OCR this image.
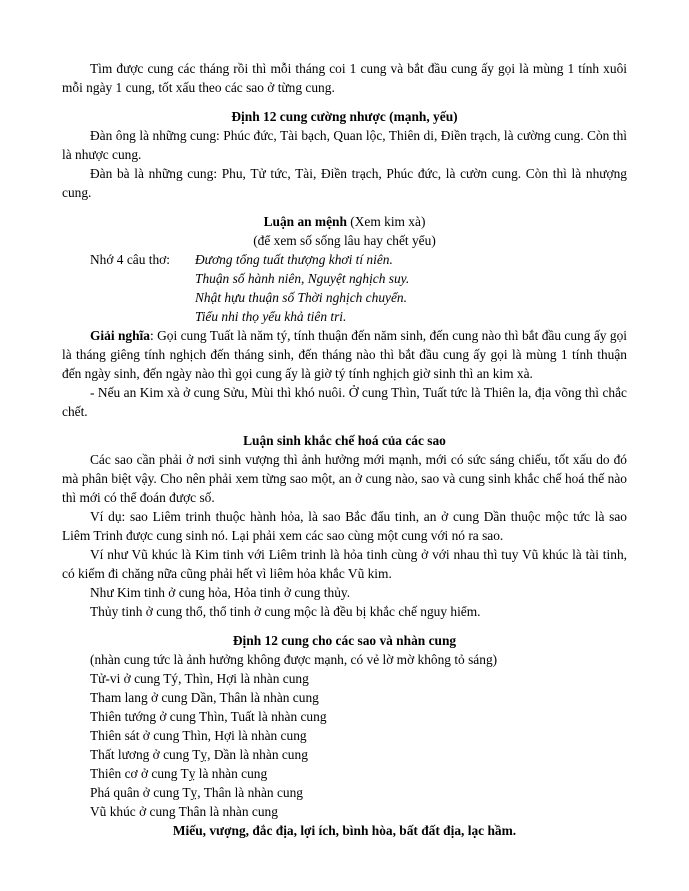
Tìm được cung các tháng rồi thì mỗi tháng coi 1 cung và bắt đầu cung ấy gọi là mùng 1 tính xuôi mỗi ngày 1 cung, tốt xấu theo các sao ở từng cung.

Định 12 cung cường nhược (mạnh, yếu)

Đàn ông là những cung: Phúc đức, Tài bạch, Quan lộc, Thiên di, Điền trạch, là cường cung. Còn thì là nhược cung.

Đàn bà là những cung: Phu, Tử tức, Tài, Điền trạch, Phúc đức, là cườn cung. Còn thì là nhượng cung.

Luận an mệnh (Xem kim xà)

(để xem số sống lâu hay chết yểu)

Nhớ 4 câu thơ: Đương tổng tuất thượng khơi tí niên.
Thuận số hành niên, Nguyệt nghịch suy.
Nhật hựu thuận số Thời nghịch chuyển.
Tiểu nhi thọ yểu khả tiên tri.

Giải nghĩa: Gọi cung Tuất là năm tý, tính thuận đến năm sinh, đến cung nào thì bắt đầu cung ấy gọi là tháng giêng tính nghịch đến tháng sinh, đến tháng nào thì bắt đầu cung ấy gọi là mùng 1 tính thuận đến ngày sinh, đến ngày nào thì gọi cung ấy là giờ tý tính nghịch giờ sinh thì an kim xà.

- Nếu an Kim xà ở cung Sửu, Mùi thì khó nuôi. Ở cung Thìn, Tuất tức là Thiên la, địa võng thì chắc chết.

Luận sinh khắc chế hoá của các sao

Các sao cần phải ở nơi sinh vượng thì ảnh hưởng mới mạnh, mới có sức sáng chiếu, tốt xấu do đó mà phân biệt vậy. Cho nên phải xem từng sao một, an ở cung nào, sao và cung sinh khắc chế hoá thế nào thì mới có thể đoán được số.

Ví dụ: sao Liêm trinh thuộc hành hỏa, là sao Bắc đẩu tinh, an ở cung Dần thuộc mộc tức là sao Liêm Trinh được cung sinh nó. Lại phải xem các sao cùng một cung với nó ra sao.

Ví như Vũ khúc là Kim tinh với Liêm trinh là hỏa tinh cùng ở với nhau thì tuy Vũ khúc là tài tinh, có kiếm đi chăng nữa cũng phải hết vì liêm hỏa khắc Vũ kim.

Như Kim tinh ở cung hỏa, Hỏa tinh ở cung thủy.

Thủy tinh ở cung thổ, thổ tinh ở cung mộc là đều bị khắc chế nguy hiểm.

Định 12 cung cho các sao và nhàn cung

(nhàn cung tức là ảnh hưởng không được mạnh, có vẻ lờ mờ không tỏ sáng)

Tử-vi ở cung Tý, Thìn, Hợi là nhàn cung

Tham lang ở cung Dần, Thân là nhàn cung

Thiên tướng ở cung Thìn, Tuất là nhàn cung

Thiên sát ở cung Thìn, Hợi là nhàn cung

Thất lương ở cung Tỵ, Dần là nhàn cung

Thiên cơ ở cung Tỵ là nhàn cung

Phá quân ở cung Tỵ, Thân là nhàn cung

Vũ khúc ở cung Thân là nhàn cung

Miếu, vượng, đắc địa, lợi ích, bình hòa, bất đất địa, lạc hầm.
